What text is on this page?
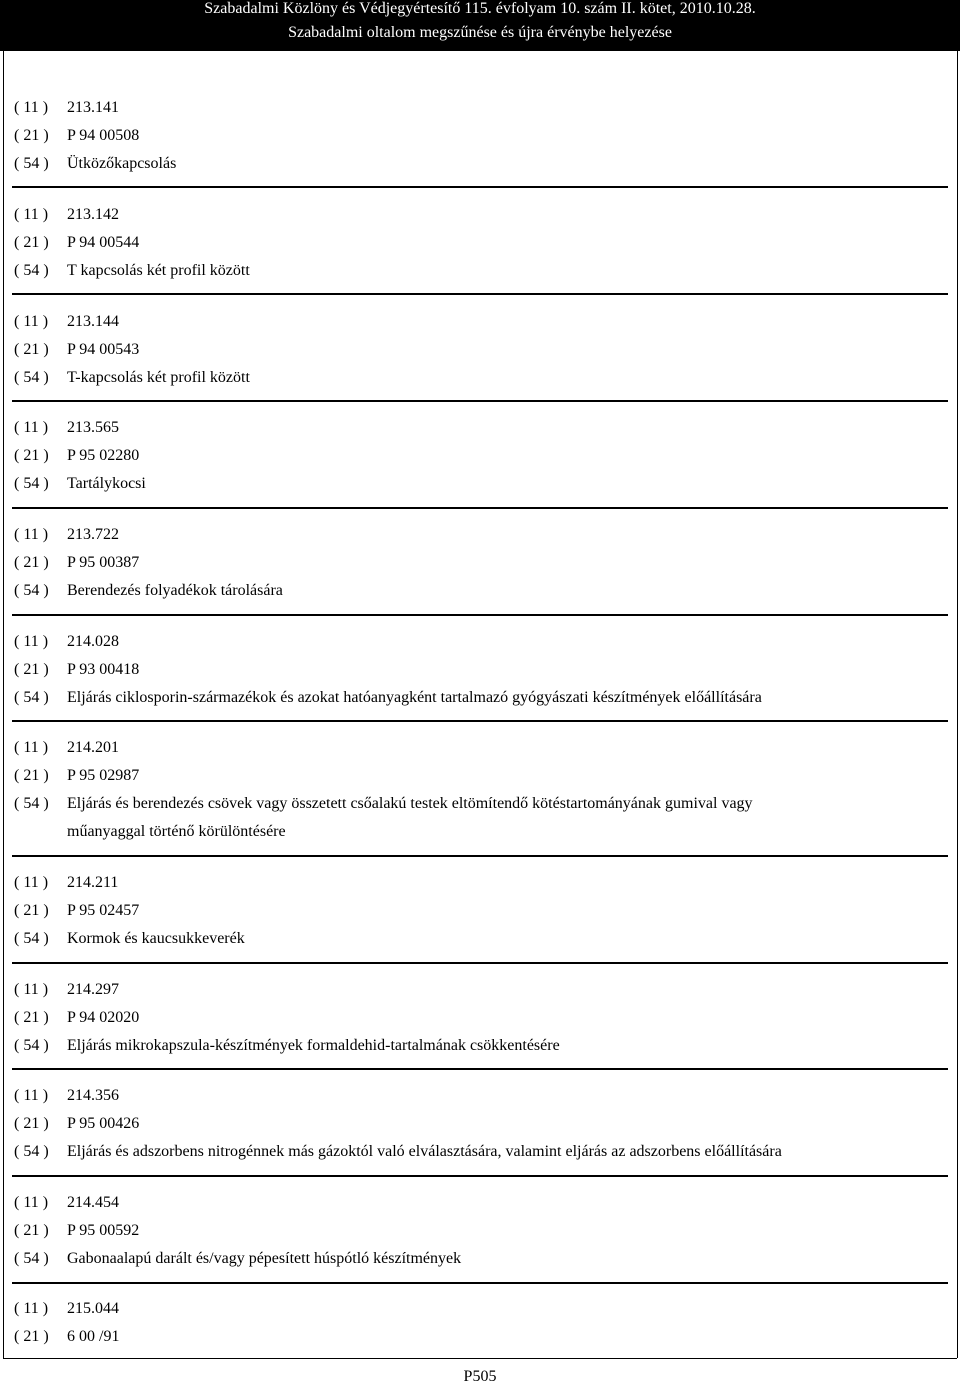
Szabadalmi Közlöny és Védjegyértesítő 115. évfolyam 10. szám II. kötet, 2010.10.28.
Szabadalmi oltalom megszűnése és újra érvénybe helyezése
( 11 ) 213.141
( 21 ) P 94 00508
( 54 ) Ütközőkapcsolás
( 11 ) 213.142
( 21 ) P 94 00544
( 54 ) T kapcsolás két profil között
( 11 ) 213.144
( 21 ) P 94 00543
( 54 ) T-kapcsolás két profil között
( 11 ) 213.565
( 21 ) P 95 02280
( 54 ) Tartálykocsi
( 11 ) 213.722
( 21 ) P 95 00387
( 54 ) Berendezés folyadékok tárolására
( 11 ) 214.028
( 21 ) P 93 00418
( 54 ) Eljárás ciklosporin-származékok és azokat hatóanyagként tartalmazó gyógyászati készítmények előállítására
( 11 ) 214.201
( 21 ) P 95 02987
( 54 ) Eljárás és berendezés csövek vagy összetett csőalakú testek eltömítendő kötéstartományának gumival vagy
műanyaggal történő körülöntésére
( 11 ) 214.211
( 21 ) P 95 02457
( 54 ) Kormok és kaucsukkeverék
( 11 ) 214.297
( 21 ) P 94 02020
( 54 ) Eljárás mikrokapszula-készítmények formaldehid-tartalmának csökkentésére
( 11 ) 214.356
( 21 ) P 95 00426
( 54 ) Eljárás és adszorbens nitrogénnek más gázoktól való elválasztására, valamint eljárás az adszorbens előállítására
( 11 ) 214.454
( 21 ) P 95 00592
( 54 ) Gabonaalapú darált és/vagy pépesített húspótló készítmények
( 11 ) 215.044
( 21 ) 6 00 /91
P505
